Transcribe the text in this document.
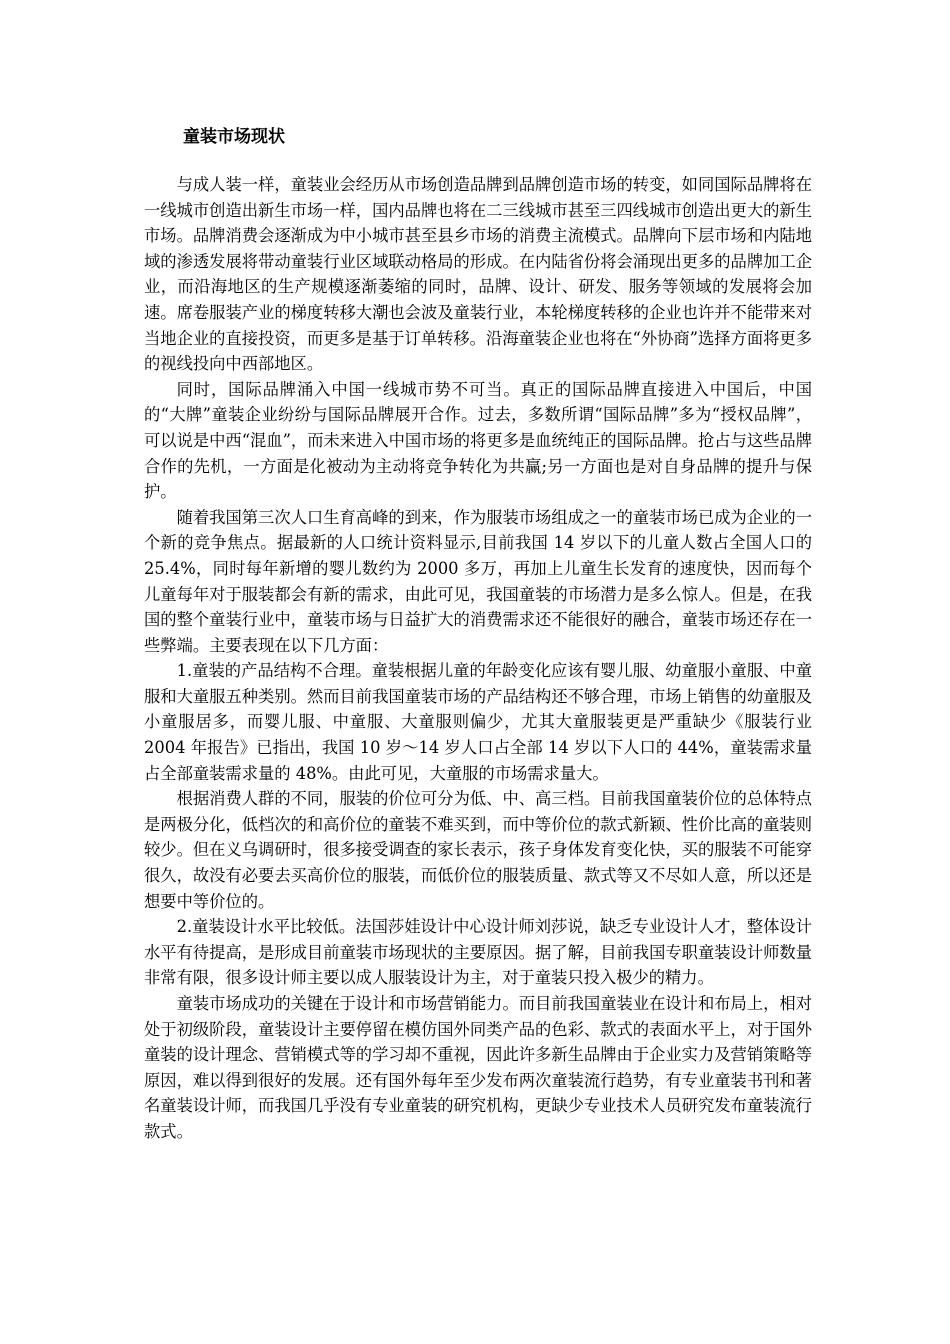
童装市场现状

与成人装一样，童装业会经历从市场创造品牌到品牌创造市场的转变，如同国际品牌将在一线城市创造出新生市场一样，国内品牌也将在二三线城市甚至三四线城市创造出更大的新生市场。品牌消费会逐渐成为中小城市甚至县乡市场的消费主流模式。品牌向下层市场和内陆地域的渗透发展将带动童装行业区域联动格局的形成。在内陆省份将会涌现出更多的品牌加工企业，而沿海地区的生产规模逐渐萎缩的同时，品牌、设计、研发、服务等领域的发展将会加速。席卷服装产业的梯度转移大潮也会波及童装行业，本轮梯度转移的企业也许并不能带来对当地企业的直接投资，而更多是基于订单转移。沿海童装企业也将在“外协商”选择方面将更多的视线投向中西部地区。

同时，国际品牌涌入中国一线城市势不可当。真正的国际品牌直接进入中国后，中国的“大牌”童装企业纷纷与国际品牌展开合作。过去，多数所谓“国际品牌”多为“授权品牌”，可以说是中西“混血”，而未来进入中国市场的将更多是血统纯正的国际品牌。抢占与这些品牌合作的先机，一方面是化被动为主动将竞争转化为共赢;另一方面也是对自身品牌的提升与保护。

随着我国第三次人口生育高峰的到来，作为服装市场组成之一的童装市场已成为企业的一个新的竞争焦点。据最新的人口统计资料显示,目前我国 14 岁以下的儿童人数占全国人口的 25.4%，同时每年新增的婴儿数约为 2000 多万，再加上儿童生长发育的速度快，因而每个儿童每年对于服装都会有新的需求，由此可见，我国童装的市场潜力是多么惊人。但是，在我国的整个童装行业中，童装市场与日益扩大的消费需求还不能很好的融合，童装市场还存在一些弊端。主要表现在以下几方面：

1.童装的产品结构不合理。童装根据儿童的年龄变化应该有婴儿服、幼童服小童服、中童服和大童服五种类别。然而目前我国童装市场的产品结构还不够合理，市场上销售的幼童服及小童服居多，而婴儿服、中童服、大童服则偏少，尤其大童服装更是严重缺少《服装行业 2004 年报告》已指出，我国 10 岁～14 岁人口占全部 14 岁以下人口的 44%，童装需求量占全部童装需求量的 48%。由此可见，大童服的市场需求量大。

根据消费人群的不同，服装的价位可分为低、中、高三档。目前我国童装价位的总体特点是两极分化，低档次的和高价位的童装不难买到，而中等价位的款式新颖、性价比高的童装则较少。但在义乌调研时，很多接受调查的家长表示，孩子身体发育变化快，买的服装不可能穿很久，故没有必要去买高价位的服装，而低价位的服装质量、款式等又不尽如人意，所以还是想要中等价位的。

2.童装设计水平比较低。法国莎娃设计中心设计师刘莎说，缺乏专业设计人才，整体设计水平有待提高，是形成目前童装市场现状的主要原因。据了解，目前我国专职童装设计师数量非常有限，很多设计师主要以成人服装设计为主，对于童装只投入极少的精力。

童装市场成功的关键在于设计和市场营销能力。而目前我国童装业在设计和布局上，相对处于初级阶段，童装设计主要停留在模仿国外同类产品的色彩、款式的表面水平上，对于国外童装的设计理念、营销模式等的学习却不重视，因此许多新生品牌由于企业实力及营销策略等原因，难以得到很好的发展。还有国外每年至少发布两次童装流行趋势，有专业童装书刊和著名童装设计师，而我国几乎没有专业童装的研究机构，更缺少专业技术人员研究发布童装流行款式。
